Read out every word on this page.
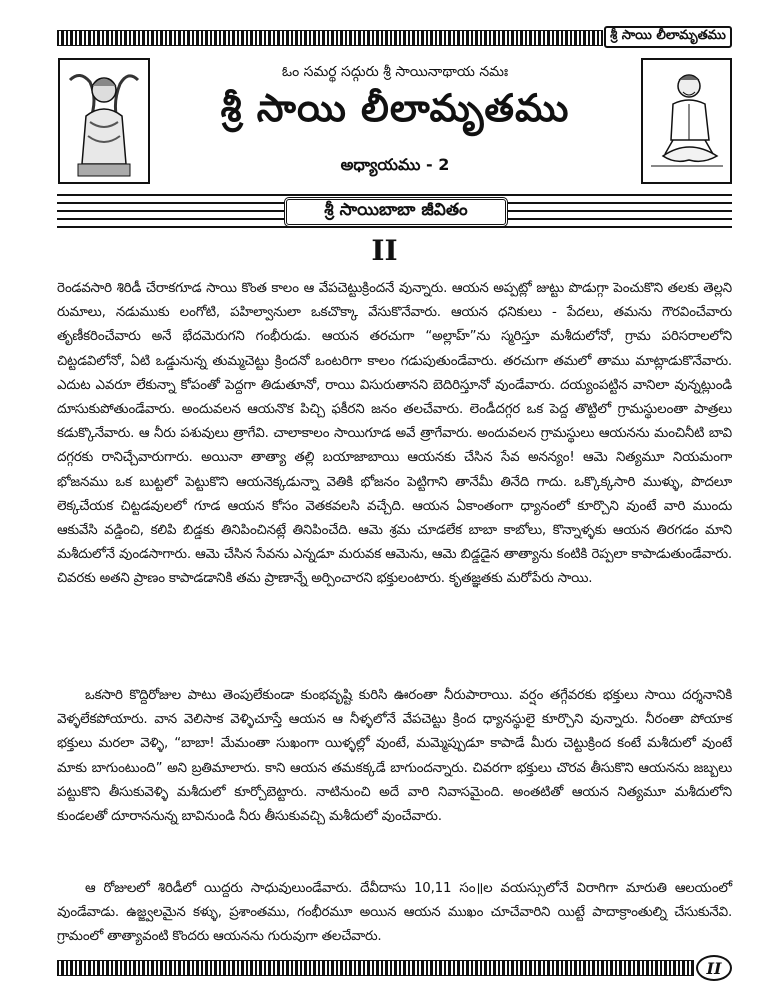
శ్రీ సాయి లీలామృతము
ఓం సమర్థ సద్గురు శ్రీ సాయినాథాయ నమః
శ్రీ సాయి లీలామృతము
అధ్యాయము - 2
శ్రీ సాయిబాబా జీవితం
II
రెండవసారి శిరిడీ చేరాకగూడ సాయి కొంత కాలం ఆ వేపచెట్టుక్రిందనే వున్నారు. ఆయన అప్పట్లో జుట్టు పొడుగ్గా పెంచుకొని తలకు తెల్లని రుమాలు, నడుముకు లంగోటి, పహిల్వానులా ఒకచొక్కా వేసుకొనేవారు. ఆయన ధనికులు - పేదలు, తమను గౌరవించేవారు తృణీకరించేవారు అనే భేదమెరుగని గంభీరుడు. ఆయన తరచుగా “అల్లాహ్”ను స్మరిస్తూ మశీదులోనో, గ్రామ పరిసరాలలోని చిట్టడవిలోనో, ఏటి ఒడ్డునున్న తుమ్మచెట్టు క్రిందనో ఒంటరిగా కాలం గడుపుతుండేవారు. తరచుగా తమలో తాము మాట్లాడుకొనేవారు. ఎదుట ఎవరూ లేకున్నా కోపంతో పెద్దగా తిడుతూనో, రాయి విసురుతానని బెదిరిస్తూనో వుండేవారు. దయ్యంపట్టిన వానిలా వున్నట్లుండి దూసుకుపోతుండేవారు. అందువలన ఆయనొక పిచ్చి ఫకీరని జనం తలచేవారు. లెండీదగ్గర ఒక పెద్ద తొట్టిలో గ్రామస్థులంతా పాత్రలు కడుక్కొనేవారు. ఆ నీరు పశువులు త్రాగేవి. చాలాకాలం సాయిగూడ అవే త్రాగేవారు. అందువలన గ్రామస్థులు ఆయనను మంచినీటి బావి దగ్గరకు రానిచ్చేవారుగారు. అయినా తాత్యా తల్లి బయాజాబాయి ఆయనకు చేసిన సేవ అనన్యం! ఆమె నిత్యమూ నియమంగా భోజనము ఒక బుట్టలో పెట్టుకొని ఆయనెక్కడున్నా వెతికి భోజనం పెట్టిగాని తానేమీ తినేది గాదు. ఒక్కొక్కసారి ముళ్ళు, పొదలూ లెక్కచేయక చిట్టడవులలో గూడ ఆయన కోసం వెతకవలసి వచ్చేది. ఆయన ఏకాంతంగా ధ్యానంలో కూర్చొని వుంటే వారి ముందు ఆకువేసి వడ్డించి, కలిపి బిడ్డకు తినిపించినట్లే తినిపించేది. ఆమె శ్రమ చూడలేక బాబా కాబోలు, కొన్నాళ్ళకు ఆయన తిరగడం మాని మశీదులోనే వుండసాగారు. ఆమె చేసిన సేవను ఎన్నడూ మరువక ఆమెను, ఆమె బిడ్డడైన తాత్యాను కంటికి రెప్పలా కాపాడుతుండేవారు. చివరకు అతని ప్రాణం కాపాడడానికి తమ ప్రాణాన్నే అర్పించారని భక్తులంటారు. కృతజ్ఞతకు మరోపేరు సాయి.
ఒకసారి కొద్దిరోజుల పాటు తెంపులేకుండా కుంభవృష్టి కురిసి ఊరంతా నీరుపారాయి. వర్షం తగ్గేవరకు భక్తులు సాయి దర్శనానికి వెళ్ళలేకపోయారు. వాన వెలిసాక వెళ్ళిచూస్తే ఆయన ఆ నీళ్ళలోనే వేపచెట్టు క్రింద ధ్యానస్థులై కూర్చొని వున్నారు. నీరంతా పోయాక భక్తులు మరలా వెళ్ళి, “బాబా! మేమంతా సుఖంగా యిళ్ళల్లో వుంటే, మమ్మెప్పుడూ కాపాడే మీరు చెట్టుక్రింద కంటే మశీదులో వుంటే మాకు బాగుంటుంది” అని బ్రతిమాలారు. కాని ఆయన తమకక్కడే బాగుందన్నారు. చివరగా భక్తులు చొరవ తీసుకొని ఆయనను జబ్బలు పట్టుకొని తీసుకువెళ్ళి మశీదులో కూర్చోబెట్టారు. నాటినుంచి అదే వారి నివాసమైంది. అంతటితో ఆయన నిత్యమూ మశీదులోని కుండలతో దూరాననున్న బావినుండి నీరు తీసుకువచ్చి మశీదులో వుంచేవారు.
ఆ రోజులలో శిరిడీలో యిద్దరు సాధువులుండేవారు. దేవీదాసు 10,11 సం॥ల వయస్సులోనే విరాగిగా మారుతి ఆలయంలో వుండేవాడు. ఉజ్జ్వలమైన కళ్ళు, ప్రశాంతము, గంభీరమూ అయిన ఆయన ముఖం చూచేవారిని యిట్టే పాదాక్రాంతుల్ని చేసుకునేవి. గ్రామంలో తాత్యావంటి కొందరు ఆయనను గురువుగా తలచేవారు.
II
